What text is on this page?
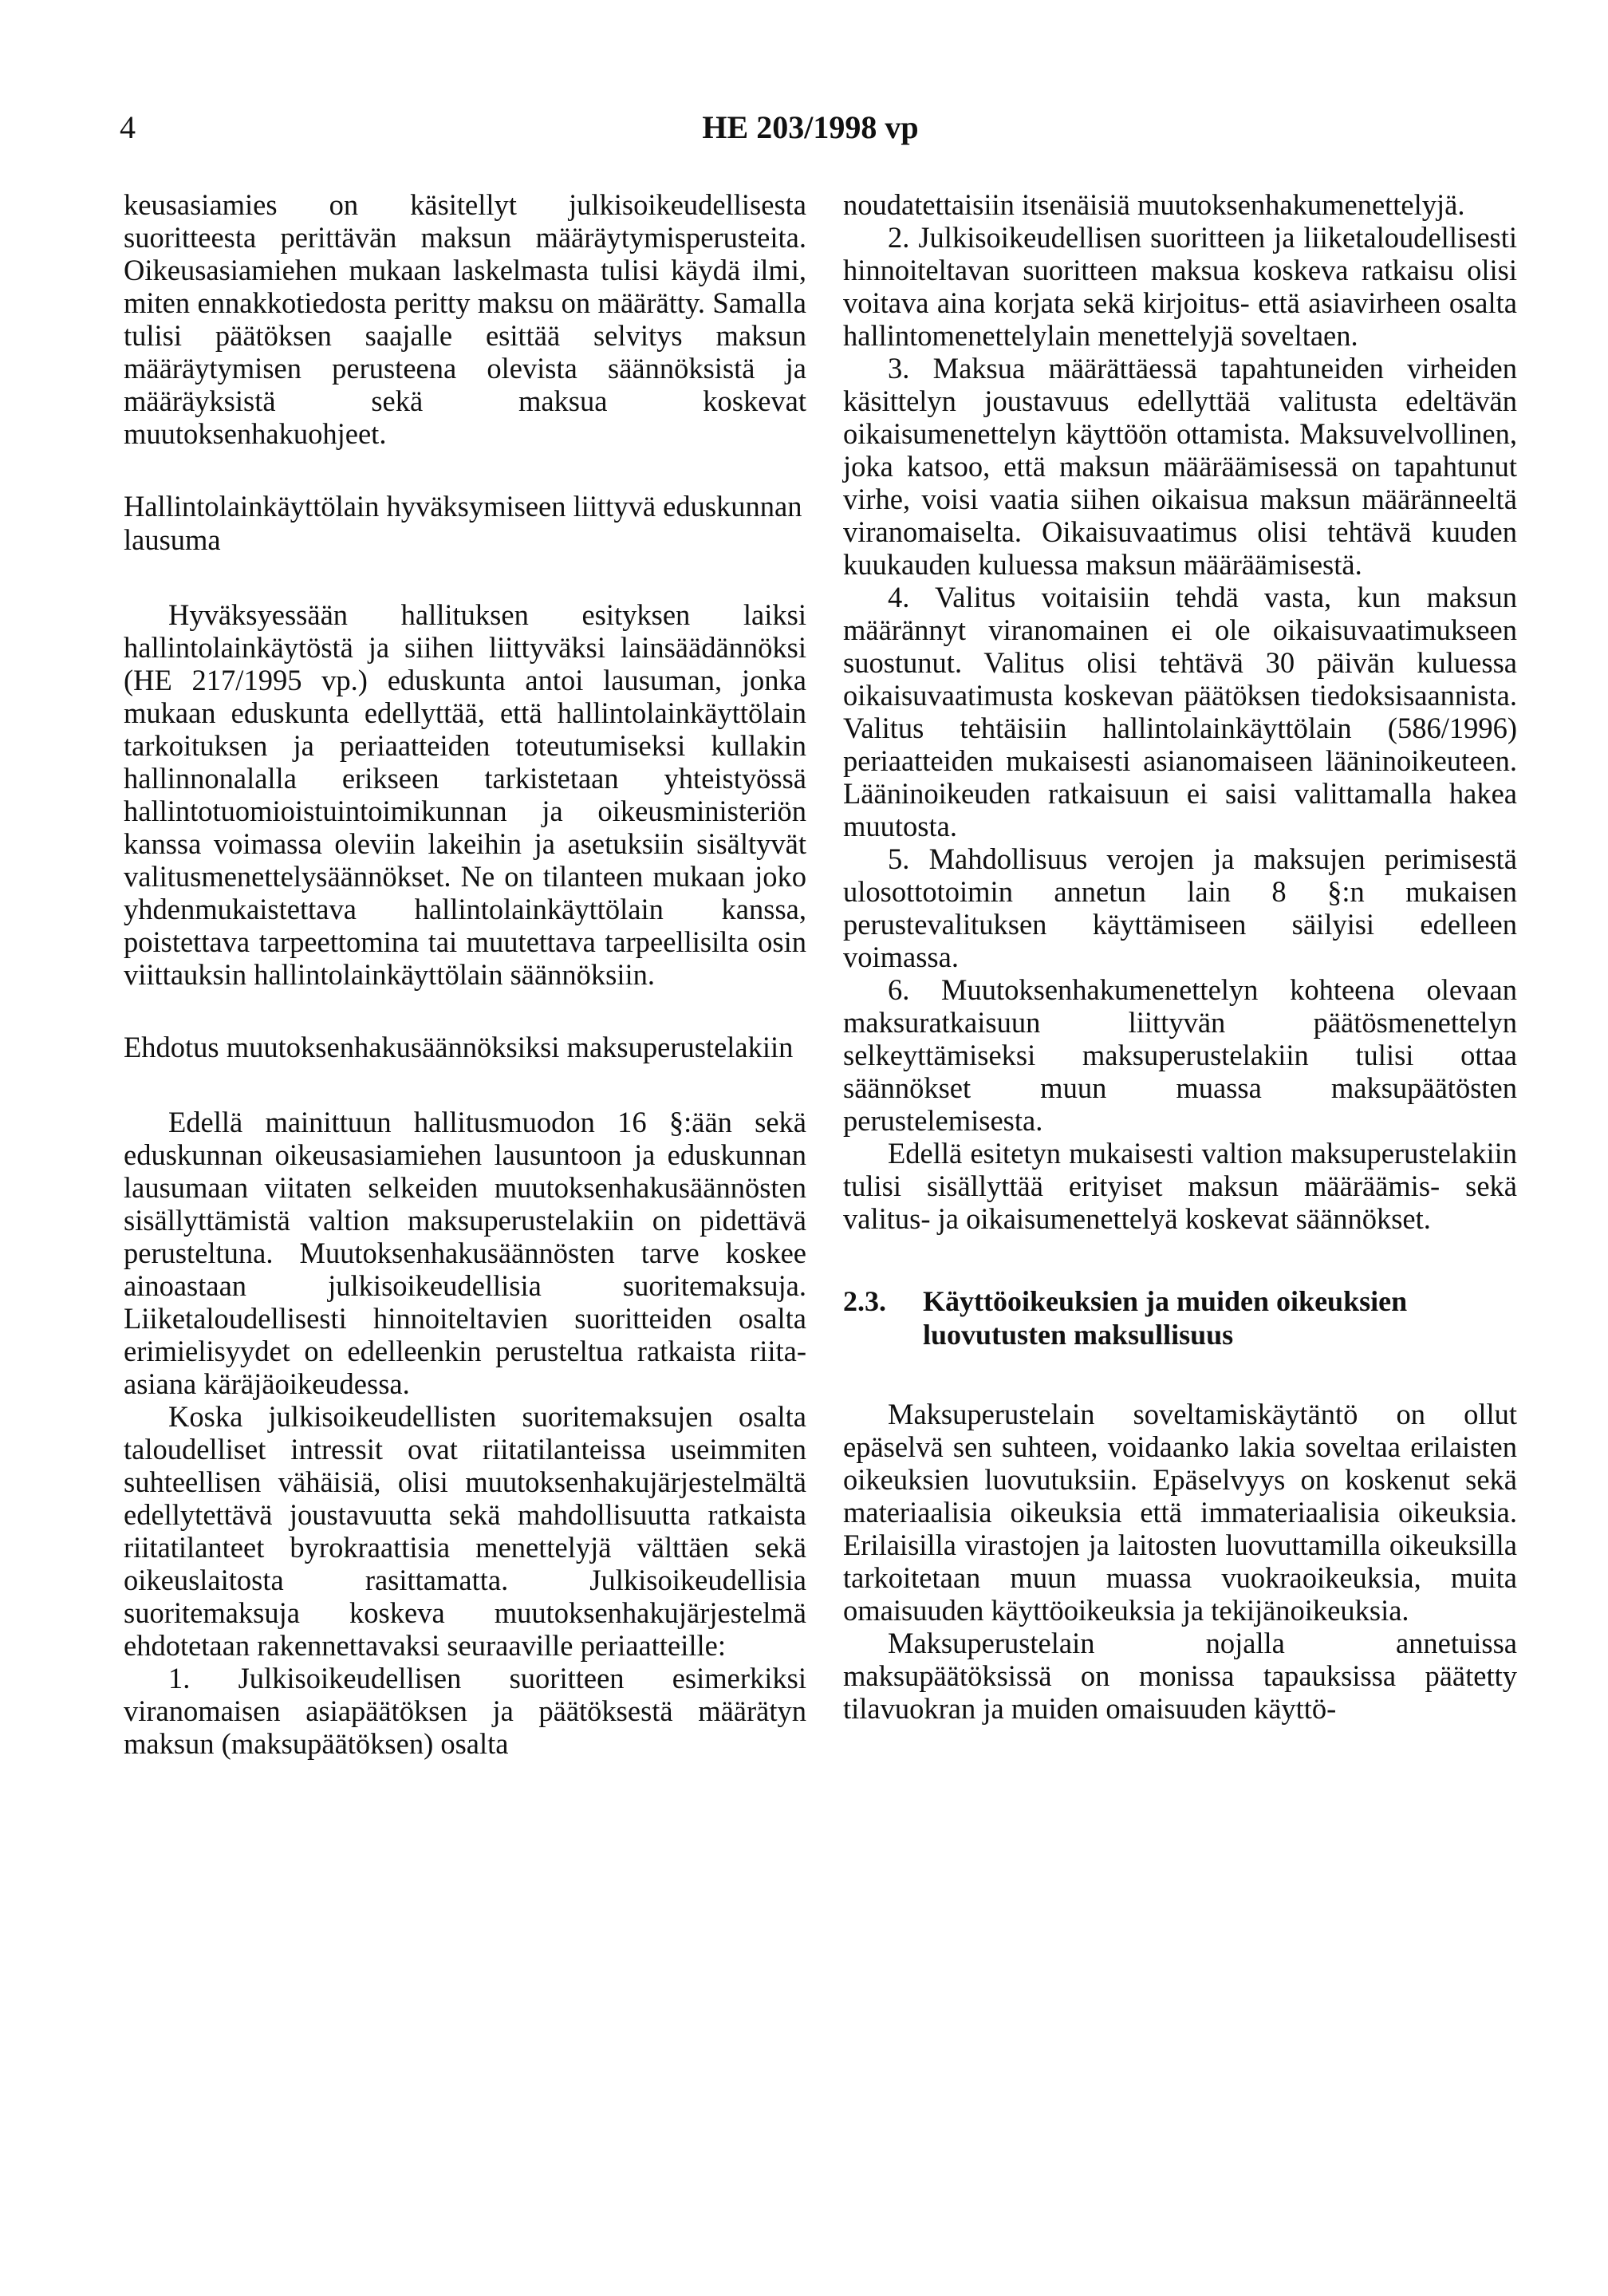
4	HE 203/1998 vp

keusasiamies on käsitellyt julkisoikeudellisesta suoritteesta perittävän maksun määräytymisperusteita. Oikeusasiamiehen mukaan laskelmasta tulisi käydä ilmi, miten ennakkotiedosta peritty maksu on määrätty. Samalla tulisi päätöksen saajalle esittää selvitys maksun määräytymisen perusteena olevista säännöksistä ja määräyksistä sekä maksua koskevat muutoksenhakuohjeet.

Hallintolainkäyttölain hyväksymiseen liittyvä eduskunnan lausuma

Hyväksyessään hallituksen esityksen laiksi hallintolainkäytöstä ja siihen liittyväksi lainsäädännöksi (HE 217/1995 vp.) eduskunta antoi lausuman, jonka mukaan eduskunta edellyttää, että hallintolainkäyttölain tarkoituksen ja periaatteiden toteutumiseksi kullakin hallinnonalalla erikseen tarkistetaan yhteistyössä hallintotuomioistuintoimikunnan ja oikeusministeriön kanssa voimassa oleviin lakeihin ja asetuksiin sisältyvät valitusmenettelysäännökset. Ne on tilanteen mukaan joko yhdenmukaistettava hallintolainkäyttölain kanssa, poistettava tarpeettomina tai muutettava tarpeellisilta osin viittauksin hallintolainkäyttölain säännöksiin.

Ehdotus muutoksenhakusäännöksiksi maksuperustelakiin

Edellä mainittuun hallitusmuodon 16 §:ään sekä eduskunnan oikeusasiamiehen lausuntoon ja eduskunnan lausumaan viitaten selkeiden muutoksenhakusäännösten sisällyttämistä valtion maksuperustelakiin on pidettävä perusteltuna. Muutoksenhakusäännösten tarve koskee ainoastaan julkisoikeudellisia suoritemaksuja. Liiketaloudellisesti hinnoiteltavien suoritteiden osalta erimielisyydet on edelleenkin perusteltua ratkaista riita-asiana käräjäoikeudessa.

Koska julkisoikeudellisten suoritemaksujen osalta taloudelliset intressit ovat riitatilanteissa useimmiten suhteellisen vähäisiä, olisi muutoksenhakujärjestelmältä edellytettävä joustavuutta sekä mahdollisuutta ratkaista riitatilanteet byrokraattisia menettelyjä välttäen sekä oikeuslaitosta rasittamatta. Julkisoikeudellisia suoritemaksuja koskeva muutoksenhakujärjestelmä ehdotetaan rakennettavaksi seuraaville periaatteille:

1. Julkisoikeudellisen suoritteen esimerkiksi viranomaisen asiapäätöksen ja päätöksestä määrätyn maksun (maksupäätöksen) osalta

noudatettaisiin itsenäisiä muutoksenhakumenettelyjä.

2. Julkisoikeudellisen suoritteen ja liiketaloudellisesti hinnoiteltavan suoritteen maksua koskeva ratkaisu olisi voitava aina korjata sekä kirjoitus- että asiavirheen osalta hallintomenettelylain menettelyjä soveltaen.

3. Maksua määrättäessä tapahtuneiden virheiden käsittelyn joustavuus edellyttää valitusta edeltävän oikaisumenettelyn käyttöön ottamista. Maksuvelvollinen, joka katsoo, että maksun määräämisessä on tapahtunut virhe, voisi vaatia siihen oikaisua maksun määränneeltä viranomaiselta. Oikaisuvaatimus olisi tehtävä kuuden kuukauden kuluessa maksun määräämisestä.

4. Valitus voitaisiin tehdä vasta, kun maksun määrännyt viranomainen ei ole oikaisuvaatimukseen suostunut. Valitus olisi tehtävä 30 päivän kuluessa oikaisuvaatimusta koskevan päätöksen tiedoksisaannista. Valitus tehtäisiin hallintolainkäyttölain (586/1996) periaatteiden mukaisesti asianomaiseen lääninoikeuteen. Lääninoikeuden ratkaisuun ei saisi valittamalla hakea muutosta.

5. Mahdollisuus verojen ja maksujen perimisestä ulosottotoimin annetun lain 8 §:n mukaisen perustevalituksen käyttämiseen säilyisi edelleen voimassa.

6. Muutoksenhakumenettelyn kohteena olevaan maksuratkaisuun liittyvän päätösmenettelyn selkeyttämiseksi maksuperustelakiin tulisi ottaa säännökset muun muassa maksupäätösten perustelemisesta.

Edellä esitetyn mukaisesti valtion maksuperustelakiin tulisi sisällyttää erityiset maksun määräämis- sekä valitus- ja oikaisumenettelyä koskevat säännökset.

2.3.	Käyttöoikeuksien ja muiden oikeuksien luovutusten maksullisuus

Maksuperustelain soveltamiskäytäntö on ollut epäselvä sen suhteen, voidaanko lakia soveltaa erilaisten oikeuksien luovutuksiin. Epäselvyys on koskenut sekä materiaalisia oikeuksia että immateriaalisia oikeuksia. Erilaisilla virastojen ja laitosten luovuttamilla oikeuksilla tarkoitetaan muun muassa vuokraoikeuksia, muita omaisuuden käyttöoikeuksia ja tekijänoikeuksia.

Maksuperustelain nojalla annetuissa maksupäätöksissä on monissa tapauksissa päätetty tilavuokran ja muiden omaisuuden käyttö-
